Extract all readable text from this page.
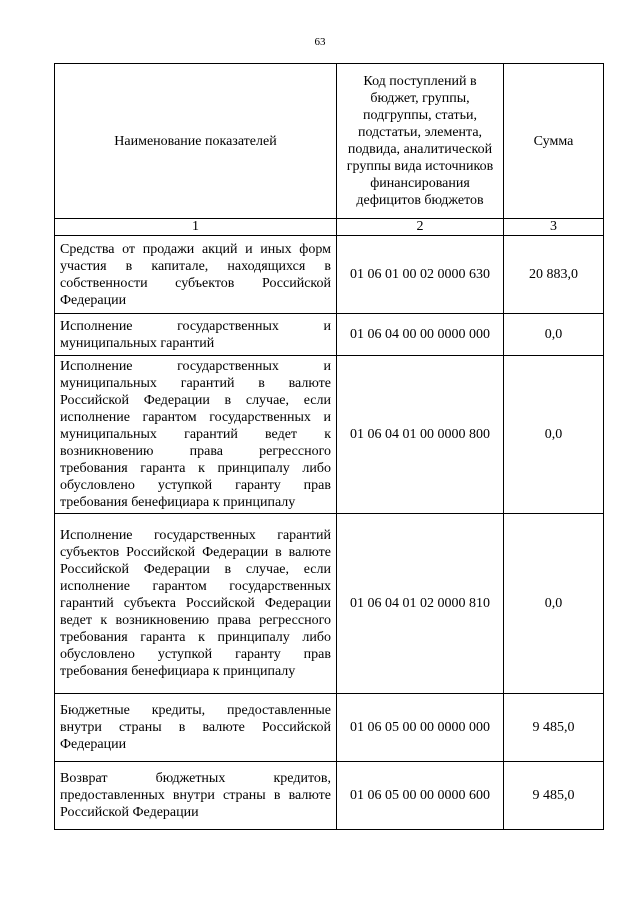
63
Наименование показателей	Код поступлений в бюджет, группы, подгруппы, статьи, подстатьи, элемента, подвида, аналитической группы вида источников финансирования дефицитов бюджетов	Сумма
1	2	3
Средства от продажи акций и иных форм участия в капитале, находящихся в собственности субъектов Российской Федерации	01 06 01 00 02 0000 630	20 883,0
Исполнение государственных и муниципальных гарантий	01 06 04 00 00 0000 000	0,0
Исполнение государственных и муниципальных гарантий в валюте Российской Федерации в случае, если исполнение гарантом государственных и муниципальных гарантий ведет к возникновению права регрессного требования гаранта к принципалу либо обусловлено уступкой гаранту прав требования бенефициара к принципалу	01 06 04 01 00 0000 800	0,0
Исполнение государственных гарантий субъектов Российской Федерации в валюте Российской Федерации в случае, если исполнение гарантом государственных гарантий субъекта Российской Федерации ведет к возникновению права регрессного требования гаранта к принципалу либо обусловлено уступкой гаранту прав требования бенефициара к принципалу	01 06 04 01 02 0000 810	0,0
Бюджетные кредиты, предоставленные внутри страны в валюте Российской Федерации	01 06 05 00 00 0000 000	9 485,0
Возврат бюджетных кредитов, предоставленных внутри страны в валюте Российской Федерации	01 06 05 00 00 0000 600	9 485,0
